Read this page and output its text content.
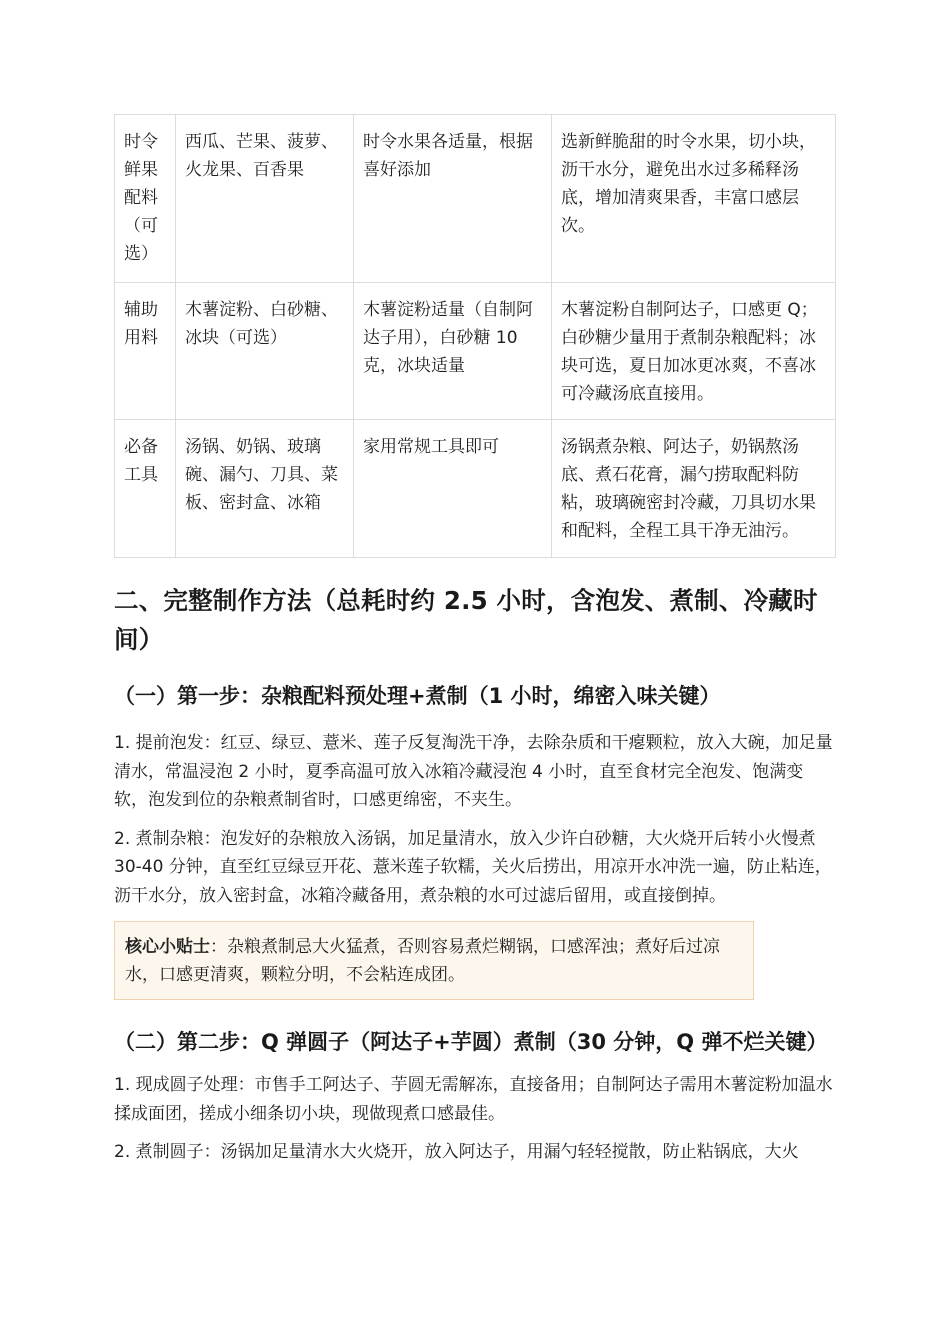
时令鲜果配料（可选）	西瓜、芒果、菠萝、火龙果、百香果	时令水果各适量，根据喜好添加	选新鲜脆甜的时令水果，切小块，沥干水分，避免出水过多稀释汤底，增加清爽果香，丰富口感层次。
辅助用料	木薯淀粉、白砂糖、冰块（可选）	木薯淀粉适量（自制阿达子用），白砂糖 10 克，冰块适量	木薯淀粉自制阿达子，口感更 Q；白砂糖少量用于煮制杂粮配料；冰块可选，夏日加冰更冰爽，不喜冰可冷藏汤底直接用。
必备工具	汤锅、奶锅、玻璃碗、漏勺、刀具、菜板、密封盒、冰箱	家用常规工具即可	汤锅煮杂粮、阿达子，奶锅熬汤底、煮石花膏，漏勺捞取配料防粘，玻璃碗密封冷藏，刀具切水果和配料，全程工具干净无油污。
二、完整制作方法（总耗时约 2.5 小时，含泡发、煮制、冷藏时间）
（一）第一步：杂粮配料预处理+煮制（1 小时，绵密入味关键）

1. 提前泡发：红豆、绿豆、薏米、莲子反复淘洗干净，去除杂质和干瘪颗粒，放入大碗，加足量清水，常温浸泡 2 小时，夏季高温可放入冰箱冷藏浸泡 4 小时，直至食材完全泡发、饱满变软，泡发到位的杂粮煮制省时，口感更绵密，不夹生。

2. 煮制杂粮：泡发好的杂粮放入汤锅，加足量清水，放入少许白砂糖，大火烧开后转小火慢煮 30-40 分钟，直至红豆绿豆开花、薏米莲子软糯，关火后捞出，用凉开水冲洗一遍，防止粘连，沥干水分，放入密封盒，冰箱冷藏备用，煮杂粮的水可过滤后留用，或直接倒掉。

核心小贴士：杂粮煮制忌大火猛煮，否则容易煮烂糊锅，口感浑浊；煮好后过凉水，口感更清爽，颗粒分明，不会粘连成团。
（二）第二步：Q 弹圆子（阿达子+芋圆）煮制（30 分钟，Q 弹不烂关键）

1. 现成圆子处理：市售手工阿达子、芋圆无需解冻，直接备用；自制阿达子需用木薯淀粉加温水揉成面团，搓成小细条切小块，现做现煮口感最佳。

2. 煮制圆子：汤锅加足量清水大火烧开，放入阿达子，用漏勺轻轻搅散，防止粘锅底，大火
